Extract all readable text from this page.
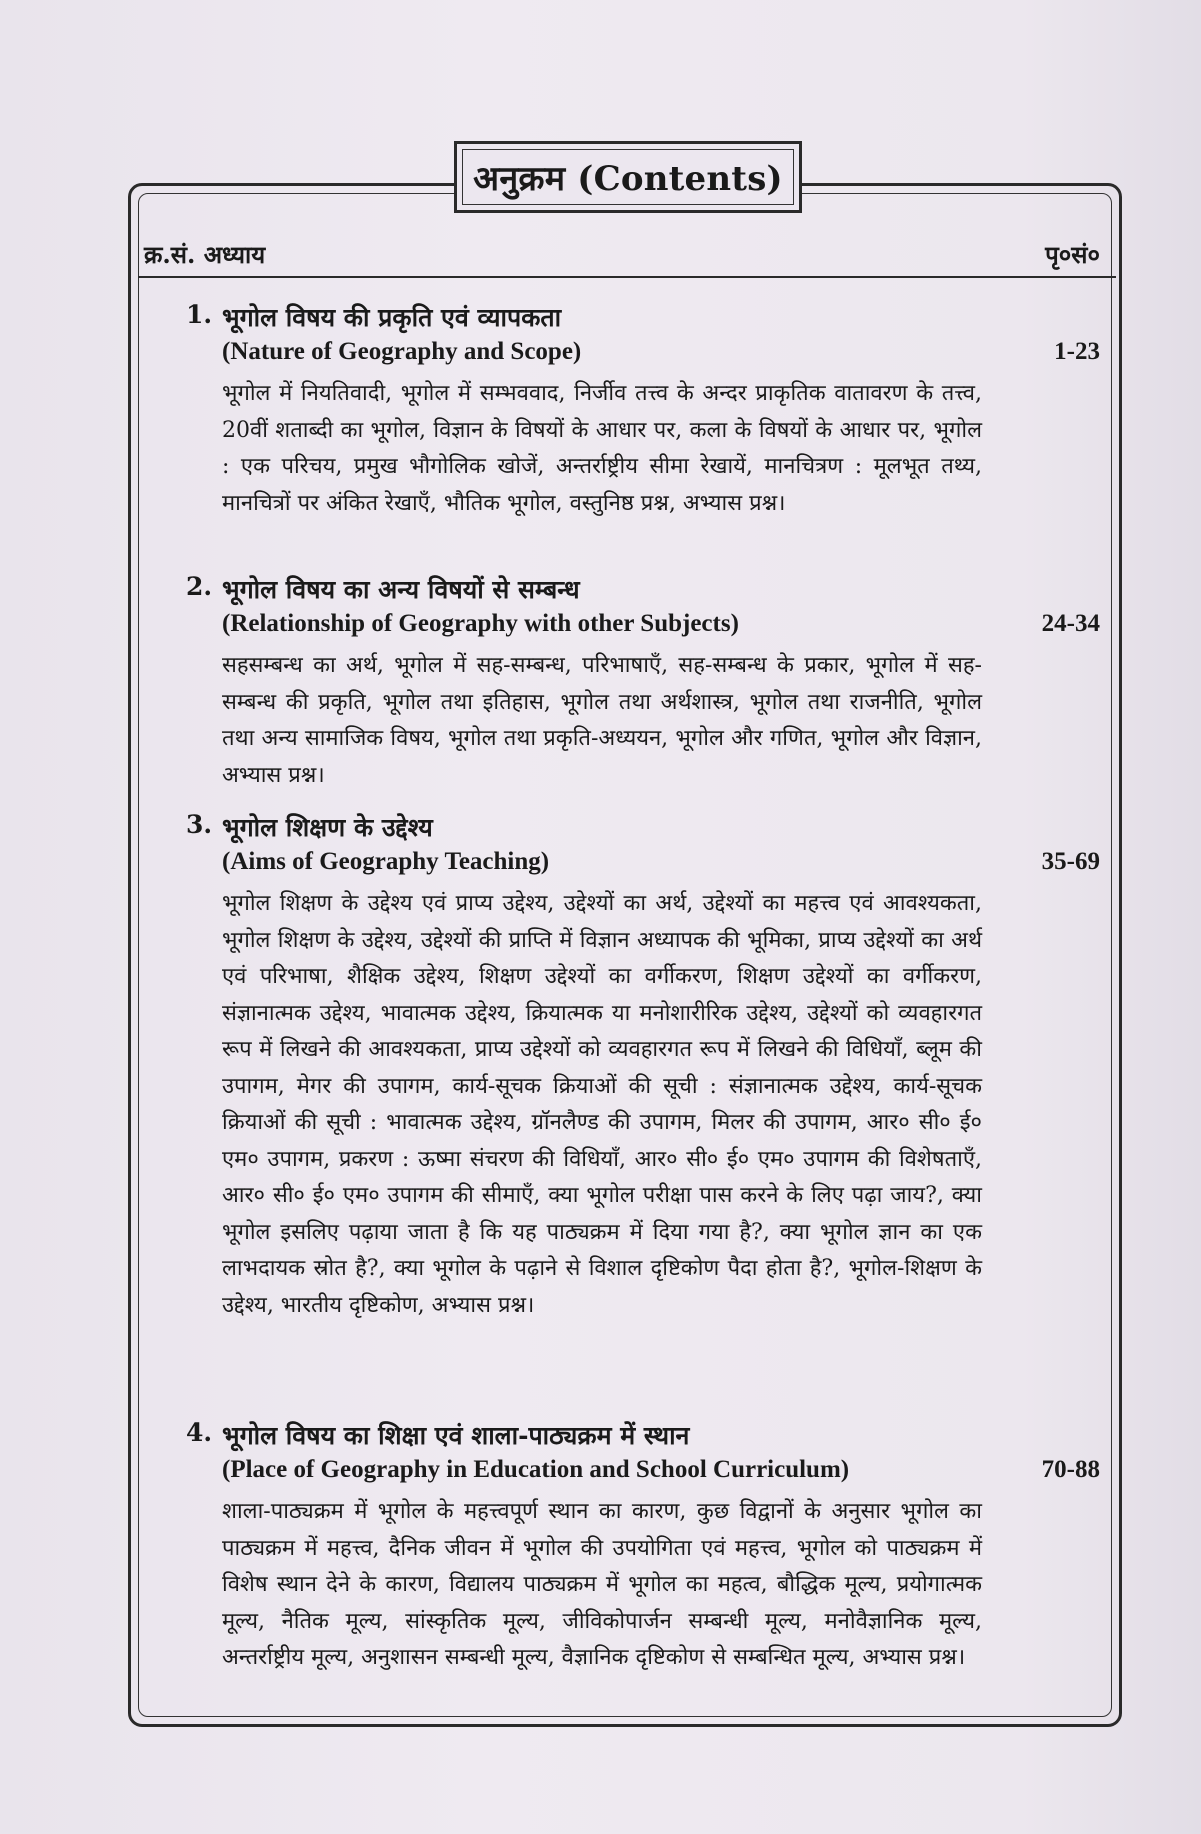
अनुक्रम (Contents)
क्र.सं. अध्याय	पृ०सं०
1. भूगोल विषय की प्रकृति एवं व्यापकता
(Nature of Geography and Scope)	1-23
भूगोल में नियतिवादी, भूगोल में सम्भववाद, निर्जीव तत्त्व के अन्दर प्राकृतिक वातावरण के तत्त्व, 20वीं शताब्दी का भूगोल, विज्ञान के विषयों के आधार पर, कला के विषयों के आधार पर, भूगोल : एक परिचय, प्रमुख भौगोलिक खोजें, अन्तर्राष्ट्रीय सीमा रेखायें, मानचित्रण : मूलभूत तथ्य, मानचित्रों पर अंकित रेखाएँ, भौतिक भूगोल, वस्तुनिष्ठ प्रश्न, अभ्यास प्रश्न।
2. भूगोल विषय का अन्य विषयों से सम्बन्ध
(Relationship of Geography with other Subjects)	24-34
सहसम्बन्ध का अर्थ, भूगोल में सह-सम्बन्ध, परिभाषाएँ, सह-सम्बन्ध के प्रकार, भूगोल में सह-सम्बन्ध की प्रकृति, भूगोल तथा इतिहास, भूगोल तथा अर्थशास्त्र, भूगोल तथा राजनीति, भूगोल तथा अन्य सामाजिक विषय, भूगोल तथा प्रकृति-अध्ययन, भूगोल और गणित, भूगोल और विज्ञान, अभ्यास प्रश्न।
3. भूगोल शिक्षण के उद्देश्य
(Aims of Geography Teaching)	35-69
भूगोल शिक्षण के उद्देश्य एवं प्राप्य उद्देश्य, उद्देश्यों का अर्थ, उद्देश्यों का महत्त्व एवं आवश्यकता, भूगोल शिक्षण के उद्देश्य, उद्देश्यों की प्राप्ति में विज्ञान अध्यापक की भूमिका, प्राप्य उद्देश्यों का अर्थ एवं परिभाषा, शैक्षिक उद्देश्य, शिक्षण उद्देश्यों का वर्गीकरण, शिक्षण उद्देश्यों का वर्गीकरण, संज्ञानात्मक उद्देश्य, भावात्मक उद्देश्य, क्रियात्मक या मनोशारीरिक उद्देश्य, उद्देश्यों को व्यवहारगत रूप में लिखने की आवश्यकता, प्राप्य उद्देश्यों को व्यवहारगत रूप में लिखने की विधियाँ, ब्लूम की उपागम, मेगर की उपागम, कार्य-सूचक क्रियाओं की सूची : संज्ञानात्मक उद्देश्य, कार्य-सूचक क्रियाओं की सूची : भावात्मक उद्देश्य, ग्रॉनलैण्ड की उपागम, मिलर की उपागम, आर० सी० ई० एम० उपागम, प्रकरण : ऊष्मा संचरण की विधियाँ, आर० सी० ई० एम० उपागम की विशेषताएँ, आर० सी० ई० एम० उपागम की सीमाएँ, क्या भूगोल परीक्षा पास करने के लिए पढ़ा जाय?, क्या भूगोल इसलिए पढ़ाया जाता है कि यह पाठ्यक्रम में दिया गया है?, क्या भूगोल ज्ञान का एक लाभदायक स्रोत है?, क्या भूगोल के पढ़ाने से विशाल दृष्टिकोण पैदा होता है?, भूगोल-शिक्षण के उद्देश्य, भारतीय दृष्टिकोण, अभ्यास प्रश्न।
4. भूगोल विषय का शिक्षा एवं शाला-पाठ्यक्रम में स्थान
(Place of Geography in Education and School Curriculum)	70-88
शाला-पाठ्यक्रम में भूगोल के महत्त्वपूर्ण स्थान का कारण, कुछ विद्वानों के अनुसार भूगोल का पाठ्यक्रम में महत्त्व, दैनिक जीवन में भूगोल की उपयोगिता एवं महत्त्व, भूगोल को पाठ्यक्रम में विशेष स्थान देने के कारण, विद्यालय पाठ्यक्रम में भूगोल का महत्व, बौद्धिक मूल्य, प्रयोगात्मक मूल्य, नैतिक मूल्य, सांस्कृतिक मूल्य, जीविकोपार्जन सम्बन्धी मूल्य, मनोवैज्ञानिक मूल्य, अन्तर्राष्ट्रीय मूल्य, अनुशासन सम्बन्धी मूल्य, वैज्ञानिक दृष्टिकोण से सम्बन्धित मूल्य, अभ्यास प्रश्न।
